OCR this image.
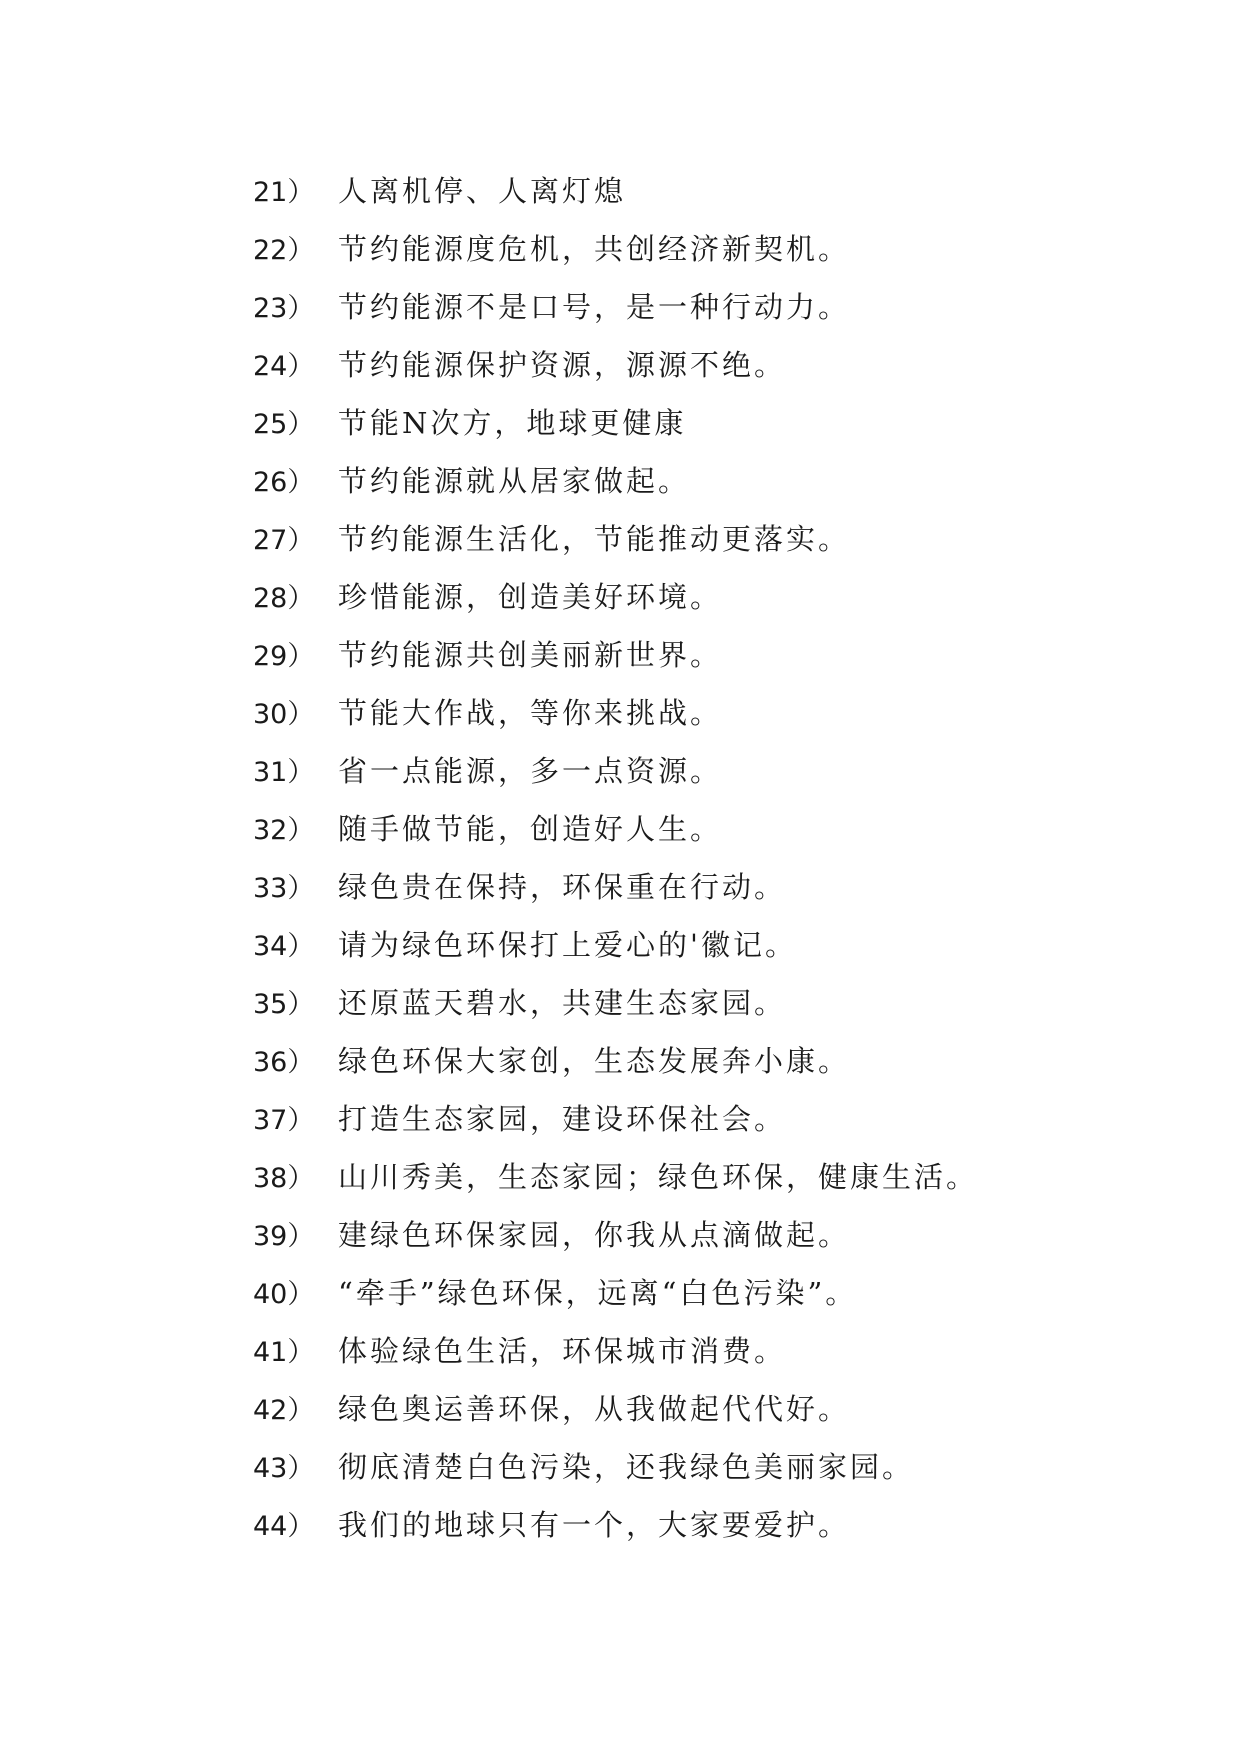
21） 人离机停、人离灯熄
22） 节约能源度危机，共创经济新契机。
23） 节约能源不是口号，是一种行动力。
24） 节约能源保护资源，源源不绝。
25） 节能N次方，地球更健康
26） 节约能源就从居家做起。
27） 节约能源生活化，节能推动更落实。
28） 珍惜能源，创造美好环境。
29） 节约能源共创美丽新世界。
30） 节能大作战，等你来挑战。
31） 省一点能源，多一点资源。
32） 随手做节能，创造好人生。
33） 绿色贵在保持，环保重在行动。
34） 请为绿色环保打上爱心的'徽记。
35） 还原蓝天碧水，共建生态家园。
36） 绿色环保大家创，生态发展奔小康。
37） 打造生态家园，建设环保社会。
38） 山川秀美，生态家园；绿色环保，健康生活。
39） 建绿色环保家园，你我从点滴做起。
40） “牵手”绿色环保，远离“白色污染”。
41） 体验绿色生活，环保城市消费。
42） 绿色奥运善环保，从我做起代代好。
43） 彻底清楚白色污染，还我绿色美丽家园。
44） 我们的地球只有一个，大家要爱护。
